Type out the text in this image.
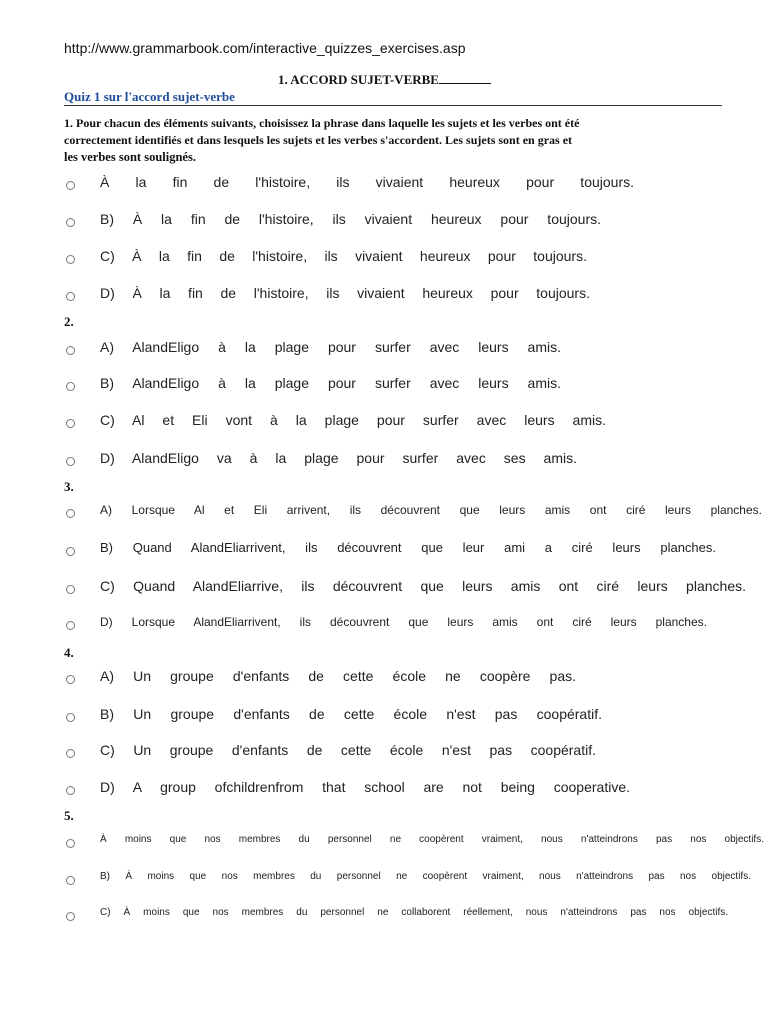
http://www.grammarbook.com/interactive_quizzes_exercises.asp
1. ACCORD SUJET-VERBE
Quiz 1 sur l'accord sujet-verbe
1. Pour chacun des éléments suivants, choisissez la phrase dans laquelle les sujets et les verbes ont été
correctement identifiés et dans lesquels les sujets et les verbes s'accordent. Les sujets sont en gras et
les verbes sont soulignés.
2.
3.
4.
5.
À la fin de l'histoire, ils vivaient heureux pour toujours.
B) À la fin de l'histoire, ils vivaient heureux pour toujours.
C) À la fin de l'histoire, ils vivaient heureux pour toujours.
D) À la fin de l'histoire, ils vivaient heureux pour toujours.
A) AlandEligo à la plage pour surfer avec leurs amis.
B) AlandEligo à la plage pour surfer avec leurs amis.
C) Al et Eli vont à la plage pour surfer avec leurs amis.
D) AlandEligo va à la plage pour surfer avec ses amis.
A) Lorsque Al et Eli arrivent, ils découvrent que leurs amis ont ciré leurs planches.
B) Quand AlandEliarrivent, ils découvrent que leur ami a ciré leurs planches.
C) Quand AlandEliarrive, ils découvrent que leurs amis ont ciré leurs planches.
D) Lorsque AlandEliarrivent, ils découvrent que leurs amis ont ciré leurs planches.
A) Un groupe d'enfants de cette école ne coopère pas.
B) Un groupe d'enfants de cette école n'est pas coopératif.
C) Un groupe d'enfants de cette école n'est pas coopératif.
D) A group ofchildrenfrom that school are not being cooperative.
À moins que nos membres du personnel ne coopèrent vraiment, nous n'atteindrons pas nos objectifs.
B) À moins que nos membres du personnel ne coopèrent vraiment, nous n'atteindrons pas nos objectifs.
C) À moins que nos membres du personnel ne collaborent réellement, nous n'atteindrons pas nos objectifs.
